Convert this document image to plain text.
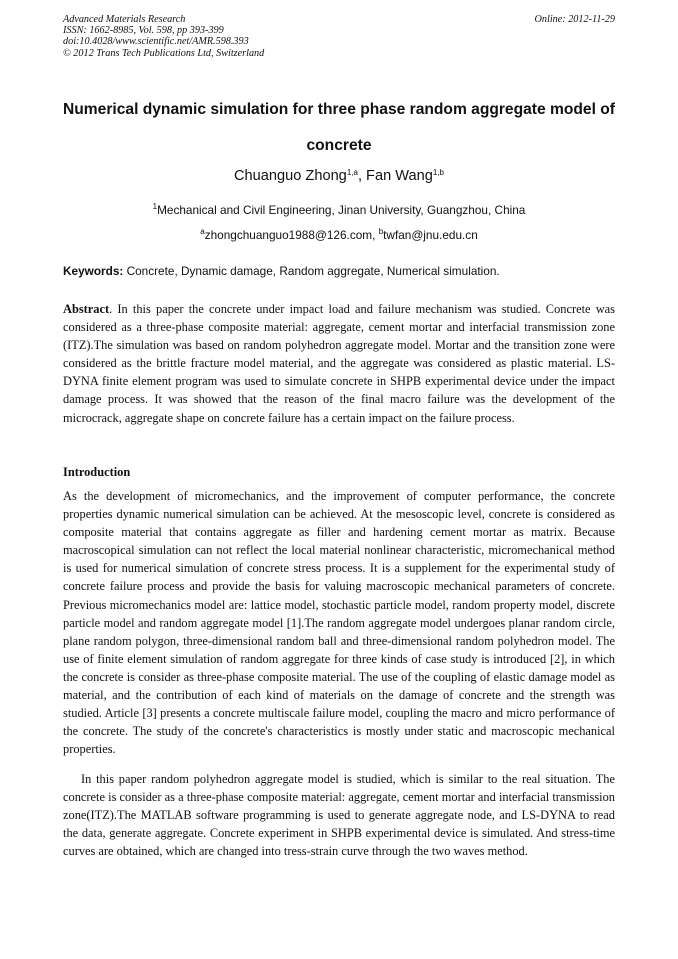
Advanced Materials Research
ISSN: 1662-8985, Vol. 598, pp 393-399
doi:10.4028/www.scientific.net/AMR.598.393
© 2012 Trans Tech Publications Ltd, Switzerland
Online: 2012-11-29
Numerical dynamic simulation for three phase random aggregate model of concrete
Chuanguo Zhong$^{1,a}$, Fan Wang$^{1,b}$
$^1$Mechanical and Civil Engineering, Jinan University, Guangzhou, China
$^a$zhongchuanguo1988@126.com, $^b$twfan@jnu.edu.cn
Keywords: Concrete, Dynamic damage, Random aggregate, Numerical simulation.
Abstract. In this paper the concrete under impact load and failure mechanism was studied. Concrete was considered as a three-phase composite material: aggregate, cement mortar and interfacial transmission zone (ITZ).The simulation was based on random polyhedron aggregate model. Mortar and the transition zone were considered as the brittle fracture model material, and the aggregate was considered as plastic material. LS-DYNA finite element program was used to simulate concrete in SHPB experimental device under the impact damage process. It was showed that the reason of the final macro failure was the development of the microcrack, aggregate shape on concrete failure has a certain impact on the failure process.
Introduction
As the development of micromechanics, and the improvement of computer performance, the concrete properties dynamic numerical simulation can be achieved. At the mesoscopic level, concrete is considered as composite material that contains aggregate as filler and hardening cement mortar as matrix. Because macroscopical simulation can not reflect the local material nonlinear characteristic, micromechanical method is used for numerical simulation of concrete stress process. It is a supplement for the experimental study of concrete failure process and provide the basis for valuing macroscopic mechanical parameters of concrete. Previous micromechanics model are: lattice model, stochastic particle model, random property model, discrete particle model and random aggregate model [1].The random aggregate model undergoes planar random circle, plane random polygon, three-dimensional random ball and three-dimensional random polyhedron model. The use of finite element simulation of random aggregate for three kinds of case study is introduced [2], in which the concrete is consider as three-phase composite material. The use of the coupling of elastic damage model as material, and the contribution of each kind of materials on the damage of concrete and the strength was studied. Article [3] presents a concrete multiscale failure model, coupling the macro and micro performance of the concrete. The study of the concrete's characteristics is mostly under static and macroscopic mechanical properties.
In this paper random polyhedron aggregate model is studied, which is similar to the real situation. The concrete is consider as a three-phase composite material: aggregate, cement mortar and interfacial transmission zone(ITZ).The MATLAB software programming is used to generate aggregate node, and LS-DYNA to read the data, generate aggregate. Concrete experiment in SHPB experimental device is simulated. And stress-time curves are obtained, which are changed into tress-strain curve through the two waves method.
